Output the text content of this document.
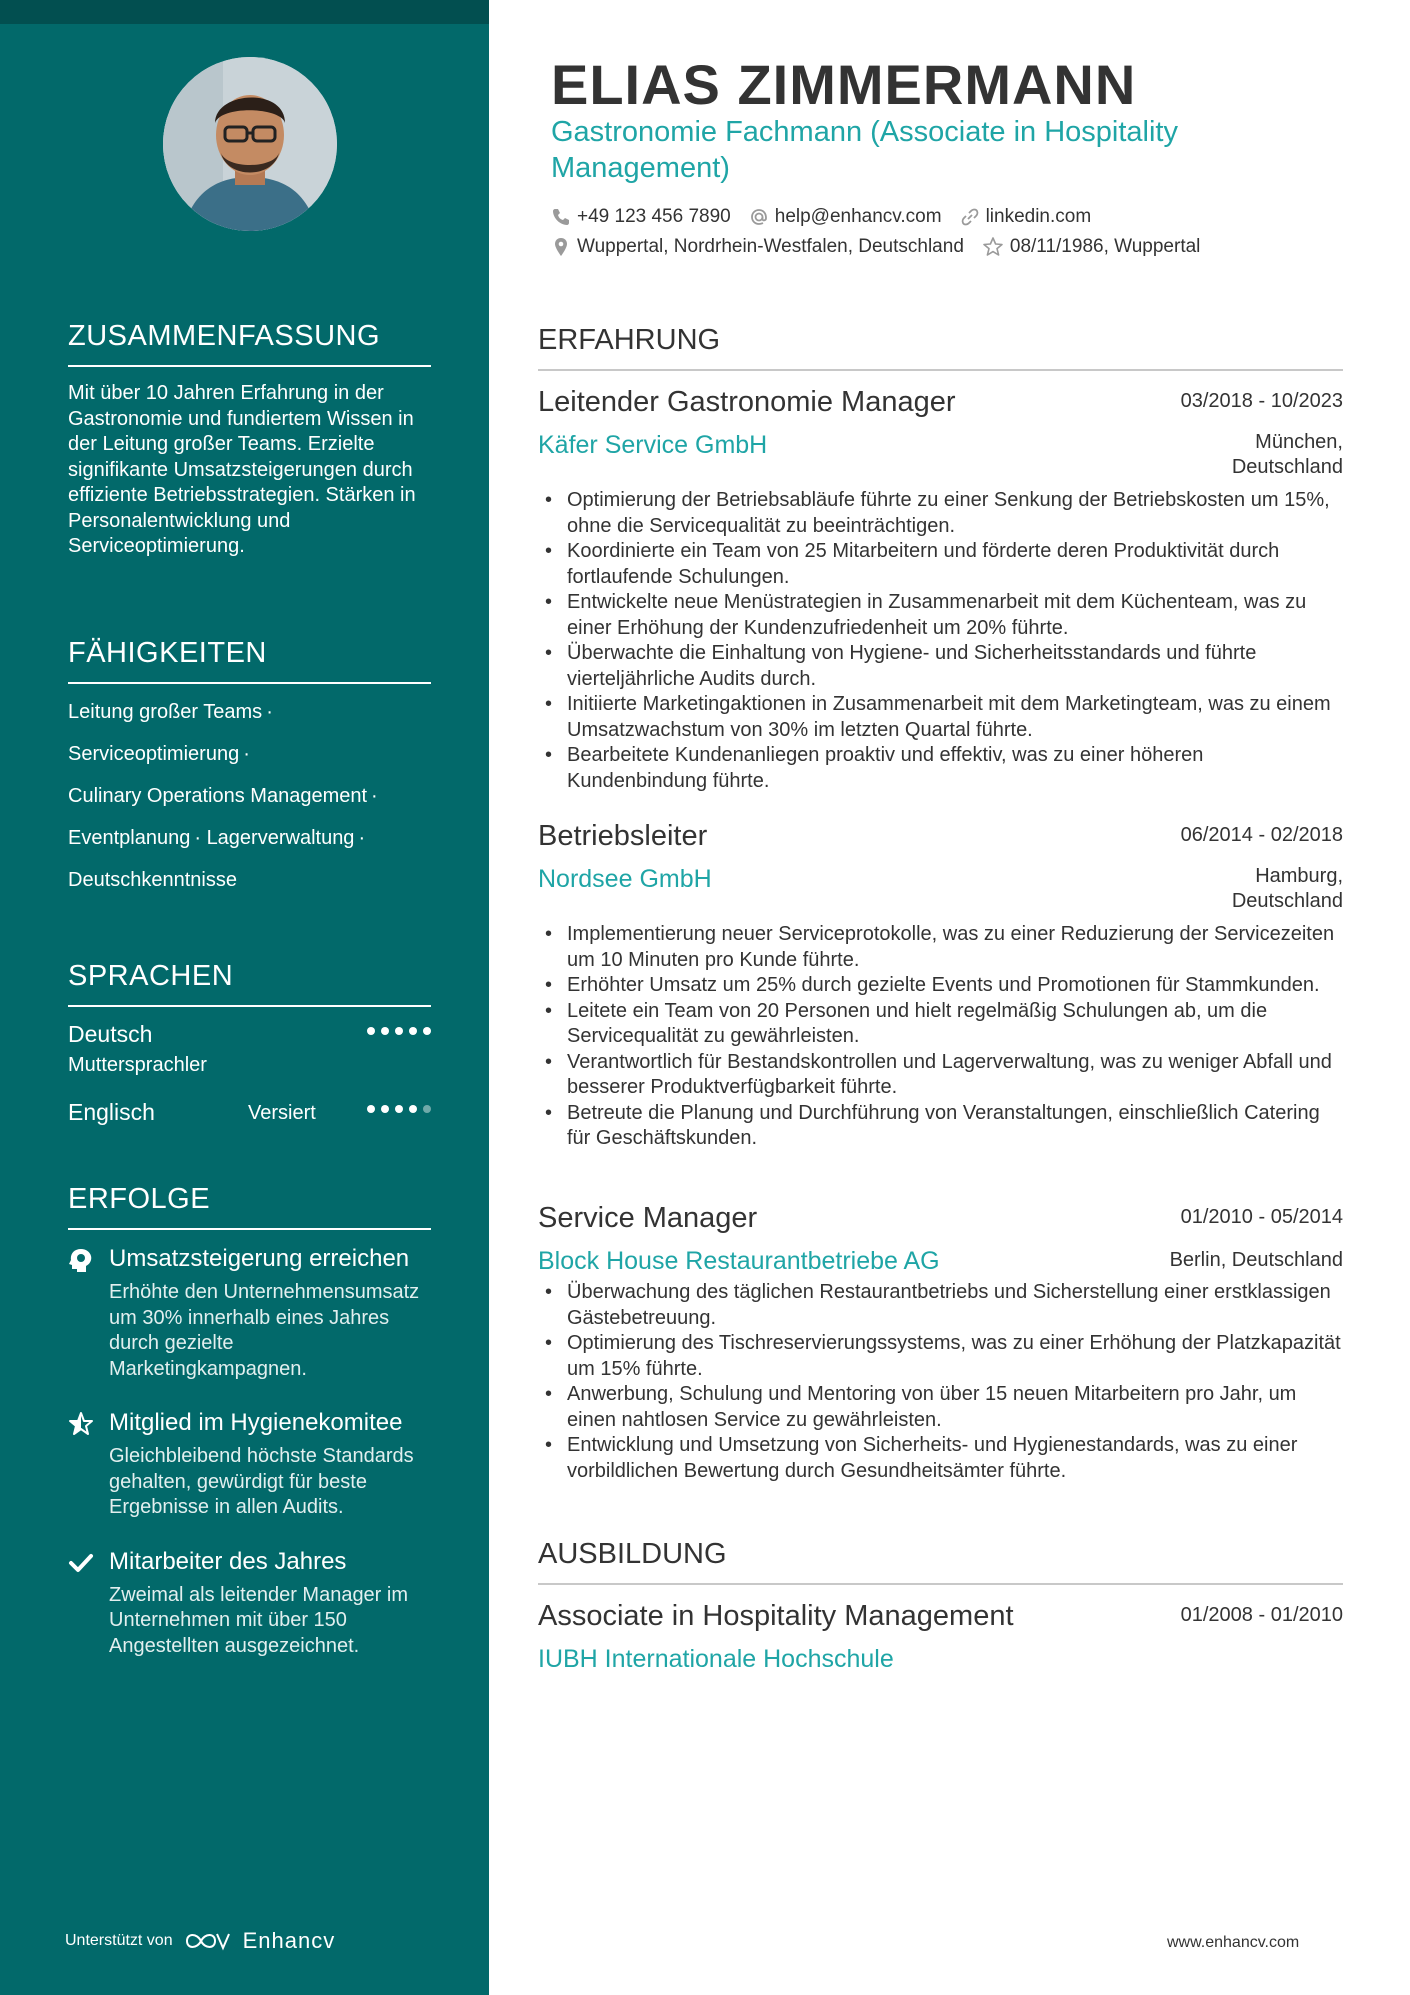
ZUSAMMENFASSUNG

Mit über 10 Jahren Erfahrung in der Gastronomie und fundiertem Wissen in der Leitung großer Teams. Erzielte signifikante Umsatzsteigerungen durch effiziente Betriebsstrategien. Stärken in Personalentwicklung und Serviceoptimierung.

FÄHIGKEITEN
Leitung großer Teams ·
Serviceoptimierung ·
Culinary Operations Management ·
Eventplanung · Lagerverwaltung ·
Deutschkenntnisse
SPRACHEN
Deutsch
Muttersprachler
Englisch	Versiert
ERFOLGE
Umsatzsteigerung erreichen
Erhöhte den Unternehmensumsatz um 30% innerhalb eines Jahres durch gezielte Marketingkampagnen.
Mitglied im Hygienekomitee
Gleichbleibend höchste Standards gehalten, gewürdigt für beste Ergebnisse in allen Audits.
Mitarbeiter des Jahres
Zweimal als leitender Manager im Unternehmen mit über 150 Angestellten ausgezeichnet.
Unterstützt von	Enhancv
ELIAS ZIMMERMANN
Gastronomie Fachmann (Associate in Hospitality Management)
+49 123 456 7890 help@enhancv.com linkedin.com
Wuppertal, Nordrhein-Westfalen, Deutschland 08/11/1986, Wuppertal
ERFAHRUNG
Leitender Gastronomie Manager	03/2018 - 10/2023
Käfer Service GmbH	München,
Deutschland
• Optimierung der Betriebsabläufe führte zu einer Senkung der Betriebskosten um 15%, ohne die Servicequalität zu beeinträchtigen.
• Koordinierte ein Team von 25 Mitarbeitern und förderte deren Produktivität durch fortlaufende Schulungen.
• Entwickelte neue Menüstrategien in Zusammenarbeit mit dem Küchenteam, was zu einer Erhöhung der Kundenzufriedenheit um 20% führte.
• Überwachte die Einhaltung von Hygiene- und Sicherheitsstandards und führte vierteljährliche Audits durch.
• Initiierte Marketingaktionen in Zusammenarbeit mit dem Marketingteam, was zu einem Umsatzwachstum von 30% im letzten Quartal führte.
• Bearbeitete Kundenanliegen proaktiv und effektiv, was zu einer höheren Kundenbindung führte.
Betriebsleiter	06/2014 - 02/2018
Nordsee GmbH	Hamburg,
Deutschland
• Implementierung neuer Serviceprotokolle, was zu einer Reduzierung der Servicezeiten um 10 Minuten pro Kunde führte.
• Erhöhter Umsatz um 25% durch gezielte Events und Promotionen für Stammkunden.
• Leitete ein Team von 20 Personen und hielt regelmäßig Schulungen ab, um die Servicequalität zu gewährleisten.
• Verantwortlich für Bestandskontrollen und Lagerverwaltung, was zu weniger Abfall und besserer Produktverfügbarkeit führte.
• Betreute die Planung und Durchführung von Veranstaltungen, einschließlich Catering für Geschäftskunden.
Service Manager	01/2010 - 05/2014
Block House Restaurantbetriebe AG	Berlin, Deutschland
• Überwachung des täglichen Restaurantbetriebs und Sicherstellung einer erstklassigen Gästebetreuung.
• Optimierung des Tischreservierungssystems, was zu einer Erhöhung der Platzkapazität um 15% führte.
• Anwerbung, Schulung und Mentoring von über 15 neuen Mitarbeitern pro Jahr, um einen nahtlosen Service zu gewährleisten.
• Entwicklung und Umsetzung von Sicherheits- und Hygienestandards, was zu einer vorbildlichen Bewertung durch Gesundheitsämter führte.
AUSBILDUNG
Associate in Hospitality Management	01/2008 - 01/2010
IUBH Internationale Hochschule
www.enhancv.com
